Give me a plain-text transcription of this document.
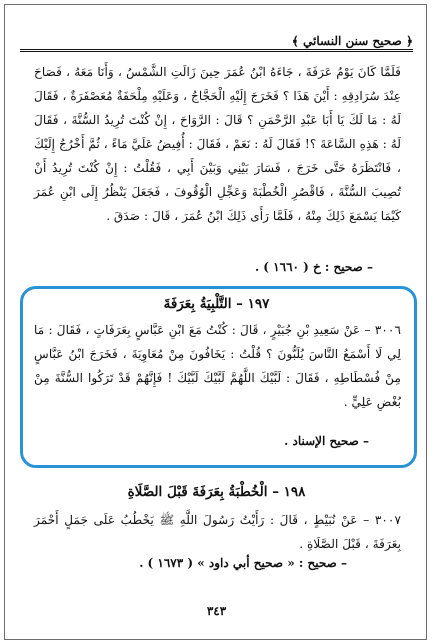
﴿ صحيح سنن النسائي ﴾
فَلَمَّا كَانَ يَوْمُ عَرَفَةَ ، جَاءَهُ ابْنُ عُمَرَ حِينَ زَالَتِ الشَّمْسُ ، وَأَنَا مَعَهُ ، فَصَاحَ عِنْدَ سُرَادِقِهِ : أَيْنَ هَذَا ؟ فَخَرَجَ إِلَيْهِ الْحَجَّاجُ ، وَعَلَيْهِ مِلْحَفَةٌ مُعَصْفَرَةٌ ، فَقَالَ لَهُ : مَا لَكَ يَا أَبَا عَبْدِ الرَّحْمَنِ ؟ قَالَ : الرَّوَاحَ ، إِنْ كُنْتَ تُرِيدُ السُّنَّةَ ، فَقَالَ لَهُ : هَذِهِ السَّاعَةَ ؟! فَقَالَ لَهُ : نَعَمْ ، فَقَالَ : أُفِيضُ عَلَيَّ مَاءً ، ثُمَّ أَخْرُجُ إِلَيْكَ ، فَانْتَظَرَهُ حَتَّى خَرَجَ ، فَسَارَ بَيْنِي وَبَيْنَ أَبِي ، فَقُلْتُ : إِنْ كُنْتَ تُرِيدُ أَنْ تُصِيبَ السُّنَّةَ ، فَاقْصُرِ الْخُطْبَةَ وَعَجِّلِ الْوُقُوفَ ، فَجَعَلَ يَنْظُرُ إِلَى ابْنِ عُمَرَ كَيْمَا يَسْمَعَ ذَلِكَ مِنْهُ ، فَلَمَّا رَأَى ذَلِكَ ابْنُ عُمَرَ ، قَالَ : صَدَقَ .
– صحيح : خ ( ١٦٦٠ ) .
١٩٧ – التَّلْبِيَةُ بِعَرَفَةَ
٣٠٠٦ – عَنْ سَعِيدِ بْنِ جُبَيْرٍ ، قَالَ : كُنْتُ مَعَ ابْنِ عَبَّاسٍ بِعَرَفَاتٍ ، فَقَالَ : مَا لِي لَا أَسْمَعُ النَّاسَ يُلَبُّونَ ؟ قُلْتُ : يَخَافُونَ مِنْ مُعَاوِيَةَ ، فَخَرَجَ ابْنُ عَبَّاسٍ مِنْ فُسْطَاطِهِ ، فَقَالَ : لَبَّيْكَ اللَّهُمَّ لَبَّيْكَ لَبَّيْكَ ! فَإِنَّهُمْ قَدْ تَرَكُوا السُّنَّةَ مِنْ بُغْضِ عَلِيٍّ .
– صحيح الإسناد .
١٩٨ – الْخُطْبَةُ بِعَرَفَةَ قَبْلَ الصَّلَاةِ
٣٠٠٧ – عَنْ نُبَيْطٍ ، قَالَ : رَأَيْتُ رَسُولَ اللَّهِ ﷺ يَخْطُبُ عَلَى جَمَلٍ أَحْمَرَ بِعَرَفَةَ ، قَبْلَ الصَّلَاةِ .
– صحيح : « صحيح أبي داود » ( ١٦٧٣ ) .
٣٤٣
